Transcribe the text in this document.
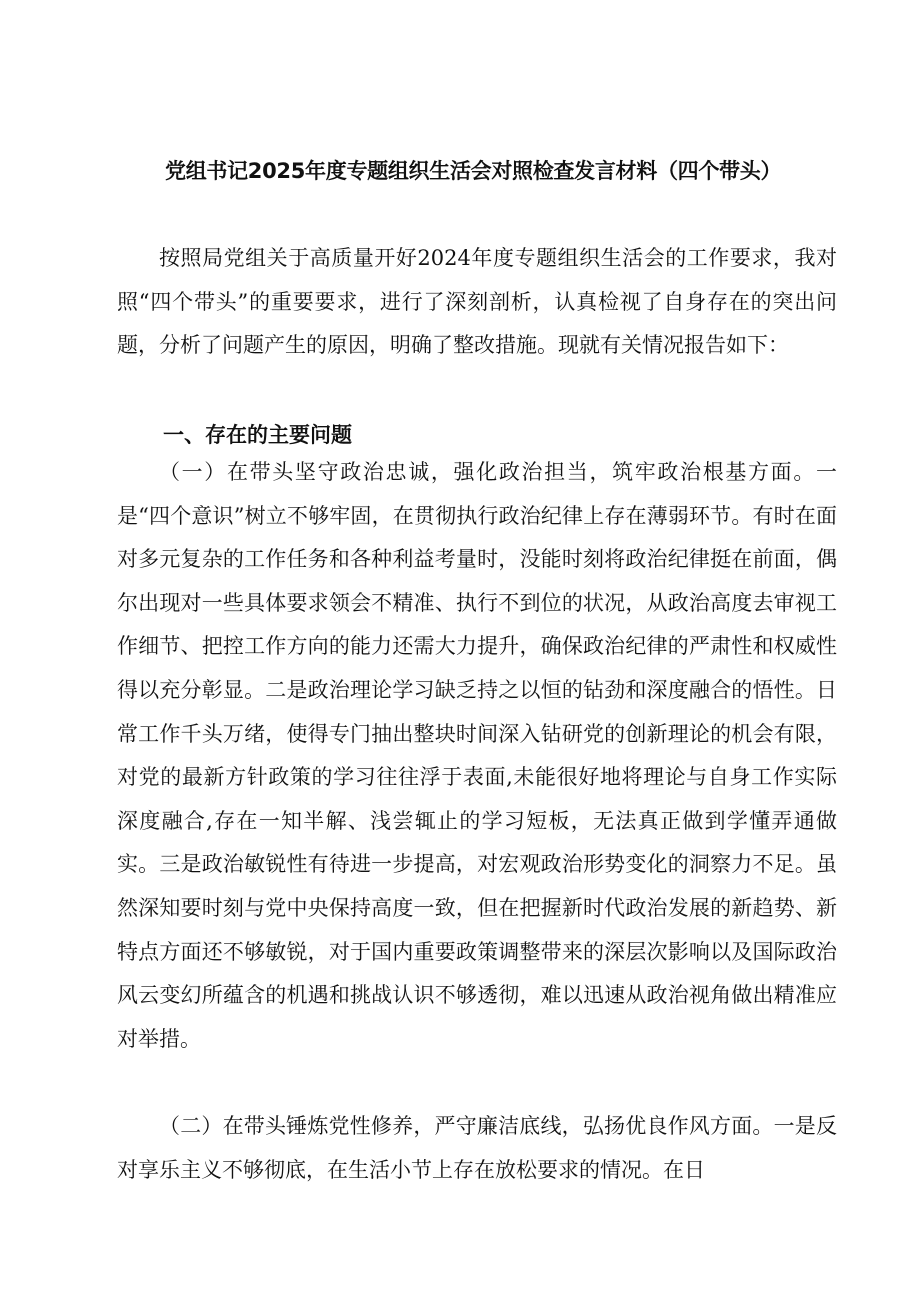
党组书记2025年度专题组织生活会对照检查发言材料（四个带头）

按照局党组关于高质量开好2024年度专题组织生活会的工作要求，我对照“四个带头”的重要要求，进行了深刻剖析，认真检视了自身存在的突出问题，分析了问题产生的原因，明确了整改措施。现就有关情况报告如下：

一、存在的主要问题

（一）在带头坚守政治忠诚，强化政治担当，筑牢政治根基方面。一是“四个意识”树立不够牢固，在贯彻执行政治纪律上存在薄弱环节。有时在面对多元复杂的工作任务和各种利益考量时，没能时刻将政治纪律挺在前面，偶尔出现对一些具体要求领会不精准、执行不到位的状况，从政治高度去审视工作细节、把控工作方向的能力还需大力提升，确保政治纪律的严肃性和权威性得以充分彰显。二是政治理论学习缺乏持之以恒的钻劲和深度融合的悟性。日常工作千头万绪，使得专门抽出整块时间深入钻研党的创新理论的机会有限，对党的最新方针政策的学习往往浮于表面,未能很好地将理论与自身工作实际深度融合,存在一知半解、浅尝辄止的学习短板，无法真正做到学懂弄通做实。三是政治敏锐性有待进一步提高，对宏观政治形势变化的洞察力不足。虽然深知要时刻与党中央保持高度一致，但在把握新时代政治发展的新趋势、新特点方面还不够敏锐，对于国内重要政策调整带来的深层次影响以及国际政治风云变幻所蕴含的机遇和挑战认识不够透彻，难以迅速从政治视角做出精准应对举措。

（二）在带头锤炼党性修养，严守廉洁底线，弘扬优良作风方面。一是反对享乐主义不够彻底，在生活小节上存在放松要求的情况。在日
